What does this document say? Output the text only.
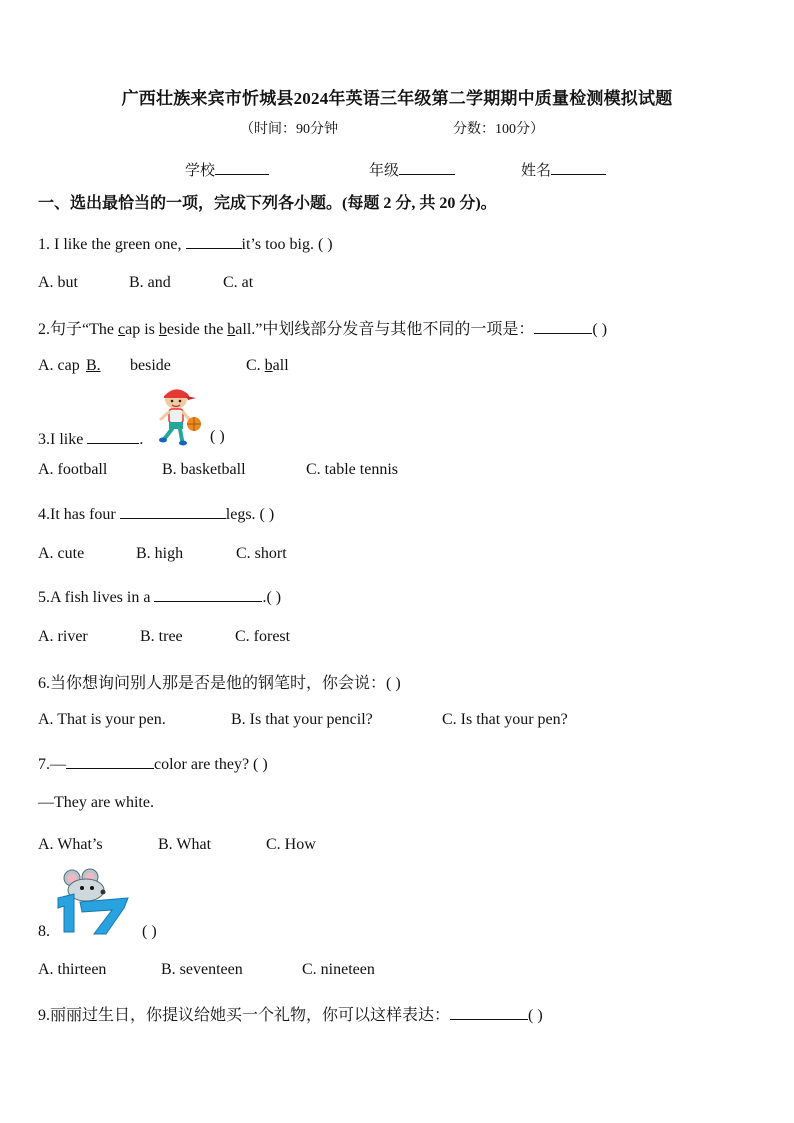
广西壮族来宾市忻城县2024年英语三年级第二学期期中质量检测模拟试题
（时间：90分钟	分数：100分）
学校	年级	姓名
一、选出最恰当的一项，完成下列各小题。(每题 2 分, 共 20 分)。
1. I like the green one,	it’s too big. ( )
A. but	B. and	C. at
2.句子“The cap is beside the ball.”中划线部分发音与其他不同的一项是：	( )
A. cap B.beside	C. ball
3.I like	.	( )
A. football	B. basketball	C. table tennis
4.It has four	legs. ( )
A. cute	B. high	C. short
5.A fish lives in a	.( )
A. river	B. tree	C. forest
6.当你想询问别人那是否是他的钢笔时，你会说：( )
A. That is your pen.	B. Is that your pencil?	C. Is that your pen?
7.—	color are they? ( )
—They are white.
A. What’s	B. What	C. How
8.	( )
A. thirteen	B. seventeen	C. nineteen
9.丽丽过生日，你提议给她买一个礼物，你可以这样表达：	( )
